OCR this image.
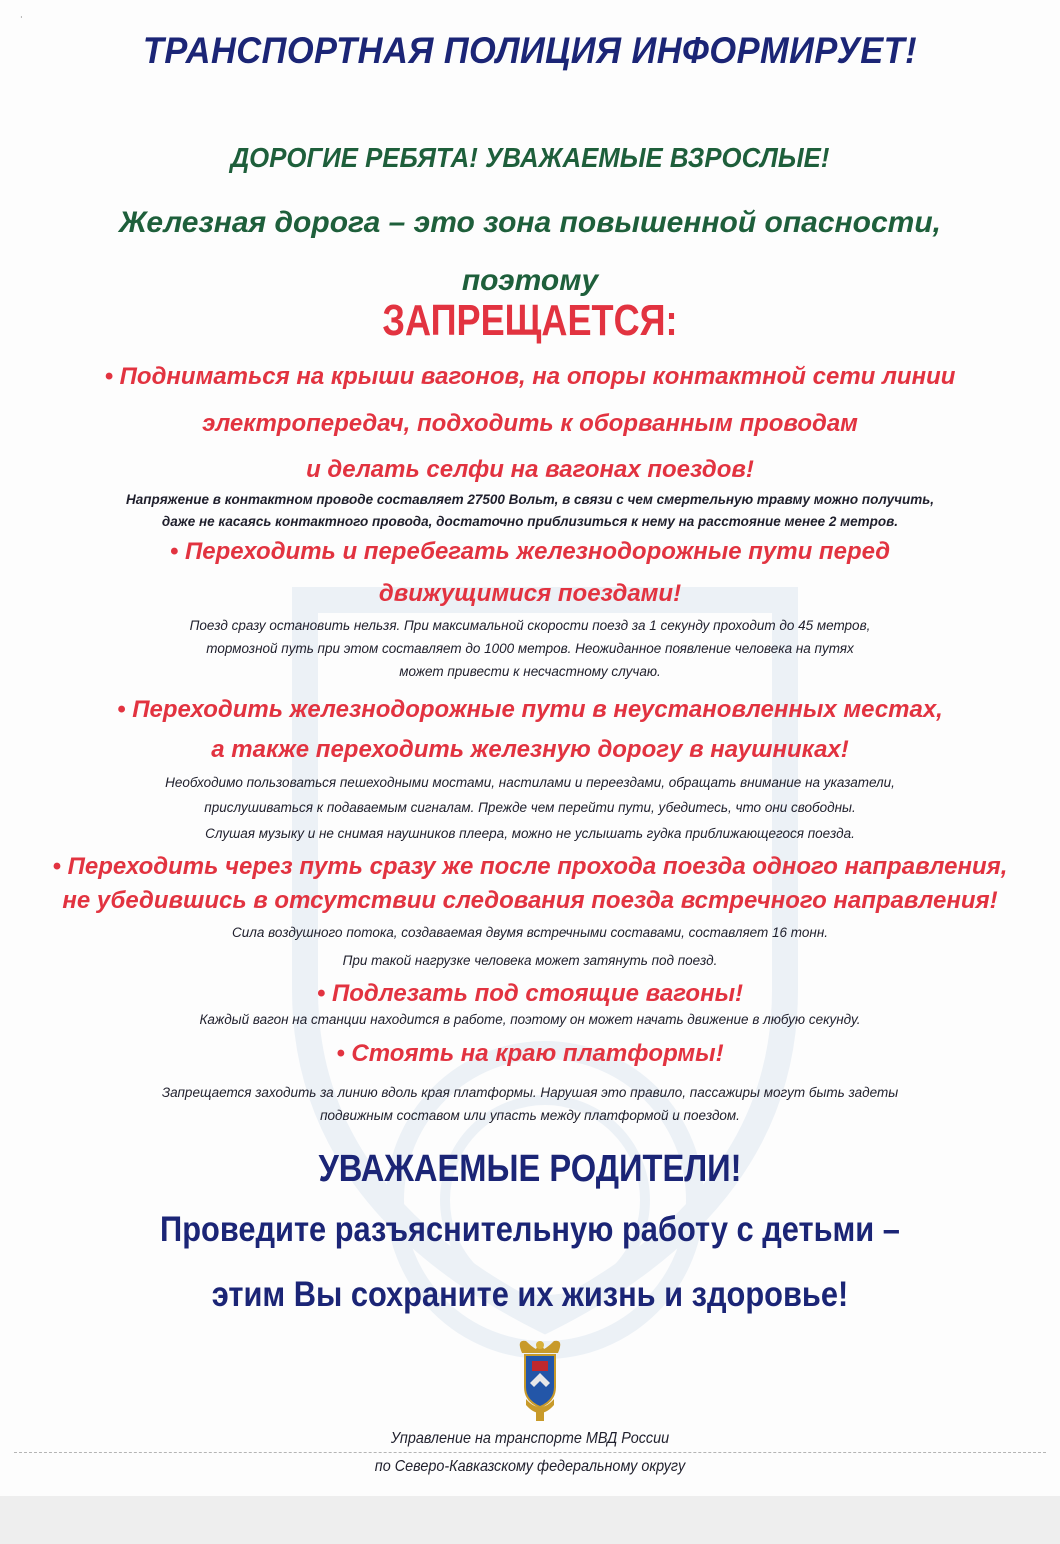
˙
ТРАНСПОРТНАЯ ПОЛИЦИЯ ИНФОРМИРУЕТ!
ДОРОГИЕ РЕБЯТА! УВАЖАЕМЫЕ ВЗРОСЛЫЕ!
Железная дорога – это зона повышенной опасности,
поэтому
ЗАПРЕЩАЕТСЯ:
• Подниматься на крыши вагонов, на опоры контактной сети линии
электропередач, подходить к оборванным проводам
и делать селфи на вагонах поездов!
Напряжение в контактном проводе составляет 27500 Вольт, в связи с чем смертельную травму можно получить,
даже не касаясь контактного провода, достаточно приблизиться к нему на расстояние менее 2 метров.
• Переходить и перебегать железнодорожные пути перед
движущимися поездами!
Поезд сразу остановить нельзя. При максимальной скорости поезд за 1 секунду проходит до 45 метров,
тормозной путь при этом составляет до 1000 метров. Неожиданное появление человека на путях
может привести к несчастному случаю.
• Переходить железнодорожные пути в неустановленных местах,
а также переходить железную дорогу в наушниках!
Необходимо пользоваться пешеходными мостами, настилами и переездами, обращать внимание на указатели,
прислушиваться к подаваемым сигналам. Прежде чем перейти пути, убедитесь, что они свободны.
Слушая музыку и не снимая наушников плеера, можно не услышать гудка приближающегося поезда.
• Переходить через путь сразу же после прохода поезда одного направления,
не убедившись в отсутствии следования поезда встречного направления!
Сила воздушного потока, создаваемая двумя встречными составами, составляет 16 тонн.
При такой нагрузке человека может затянуть под поезд.
• Подлезать под стоящие вагоны!
Каждый вагон на станции находится в работе, поэтому он может начать движение в любую секунду.
• Стоять на краю платформы!
Запрещается заходить за линию вдоль края платформы. Нарушая это правило, пассажиры могут быть задеты
подвижным составом или упасть между платформой и поездом.
УВАЖАЕМЫЕ РОДИТЕЛИ!
Проведите разъяснительную работу с детьми –
этим Вы сохраните их жизнь и здоровье!
Управление на транспорте МВД России
по Северо-Кавказскому федеральному округу
